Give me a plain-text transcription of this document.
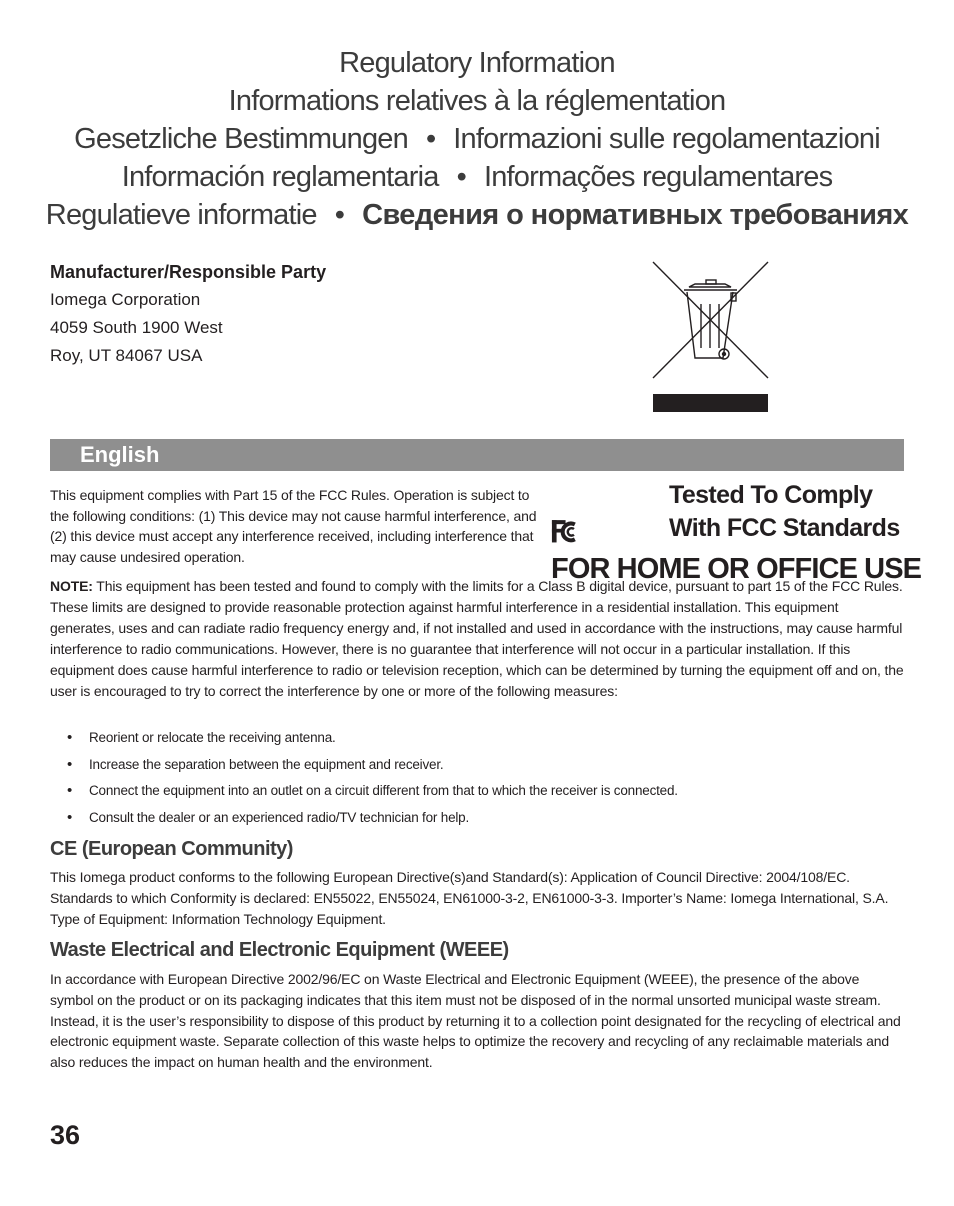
Regulatory Information
Informations relatives à la réglementation
Gesetzliche Bestimmungen • Informazioni sulle regolamentazioni
Información reglamentaria • Informações regulamentares
Regulatieve informatie • Сведения о нормативных требованиях
Manufacturer/Responsible Party
Iomega Corporation
4059 South 1900 West
Roy, UT 84067 USA
English
This equipment complies with Part 15 of the FCC Rules. Operation is subject to the following conditions: (1) This device may not cause harmful interference, and (2) this device must accept any interference received, including interference that may cause undesired operation.
Tested To Comply
With FCC Standards
FOR HOME OR OFFICE USE
NOTE: This equipment has been tested and found to comply with the limits for a Class B digital device, pursuant to part 15 of the FCC Rules. These limits are designed to provide reasonable protection against harmful interference in a residential installation. This equipment generates, uses and can radiate radio frequency energy and, if not installed and used in accordance with the instructions, may cause harmful interference to radio communications. However, there is no guarantee that interference will not occur in a particular installation. If this equipment does cause harmful interference to radio or television reception, which can be determined by turning the equipment off and on, the user is encouraged to try to correct the interference by one or more of the following measures:
• Reorient or relocate the receiving antenna.
• Increase the separation between the equipment and receiver.
• Connect the equipment into an outlet on a circuit different from that to which the receiver is connected.
• Consult the dealer or an experienced radio/TV technician for help.
CE (European Community)
This Iomega product conforms to the following European Directive(s)and Standard(s): Application of Council Directive: 2004/108/EC. Standards to which Conformity is declared: EN55022, EN55024, EN61000-3-2, EN61000-3-3. Importer’s Name: Iomega International, S.A. Type of Equipment: Information Technology Equipment.
Waste Electrical and Electronic Equipment (WEEE)
In accordance with European Directive 2002/96/EC on Waste Electrical and Electronic Equipment (WEEE), the presence of the above symbol on the product or on its packaging indicates that this item must not be disposed of in the normal unsorted municipal waste stream. Instead, it is the user’s responsibility to dispose of this product by returning it to a collection point designated for the recycling of electrical and electronic equipment waste. Separate collection of this waste helps to optimize the recovery and recycling of any reclaimable materials and also reduces the impact on human health and the environment.
36
